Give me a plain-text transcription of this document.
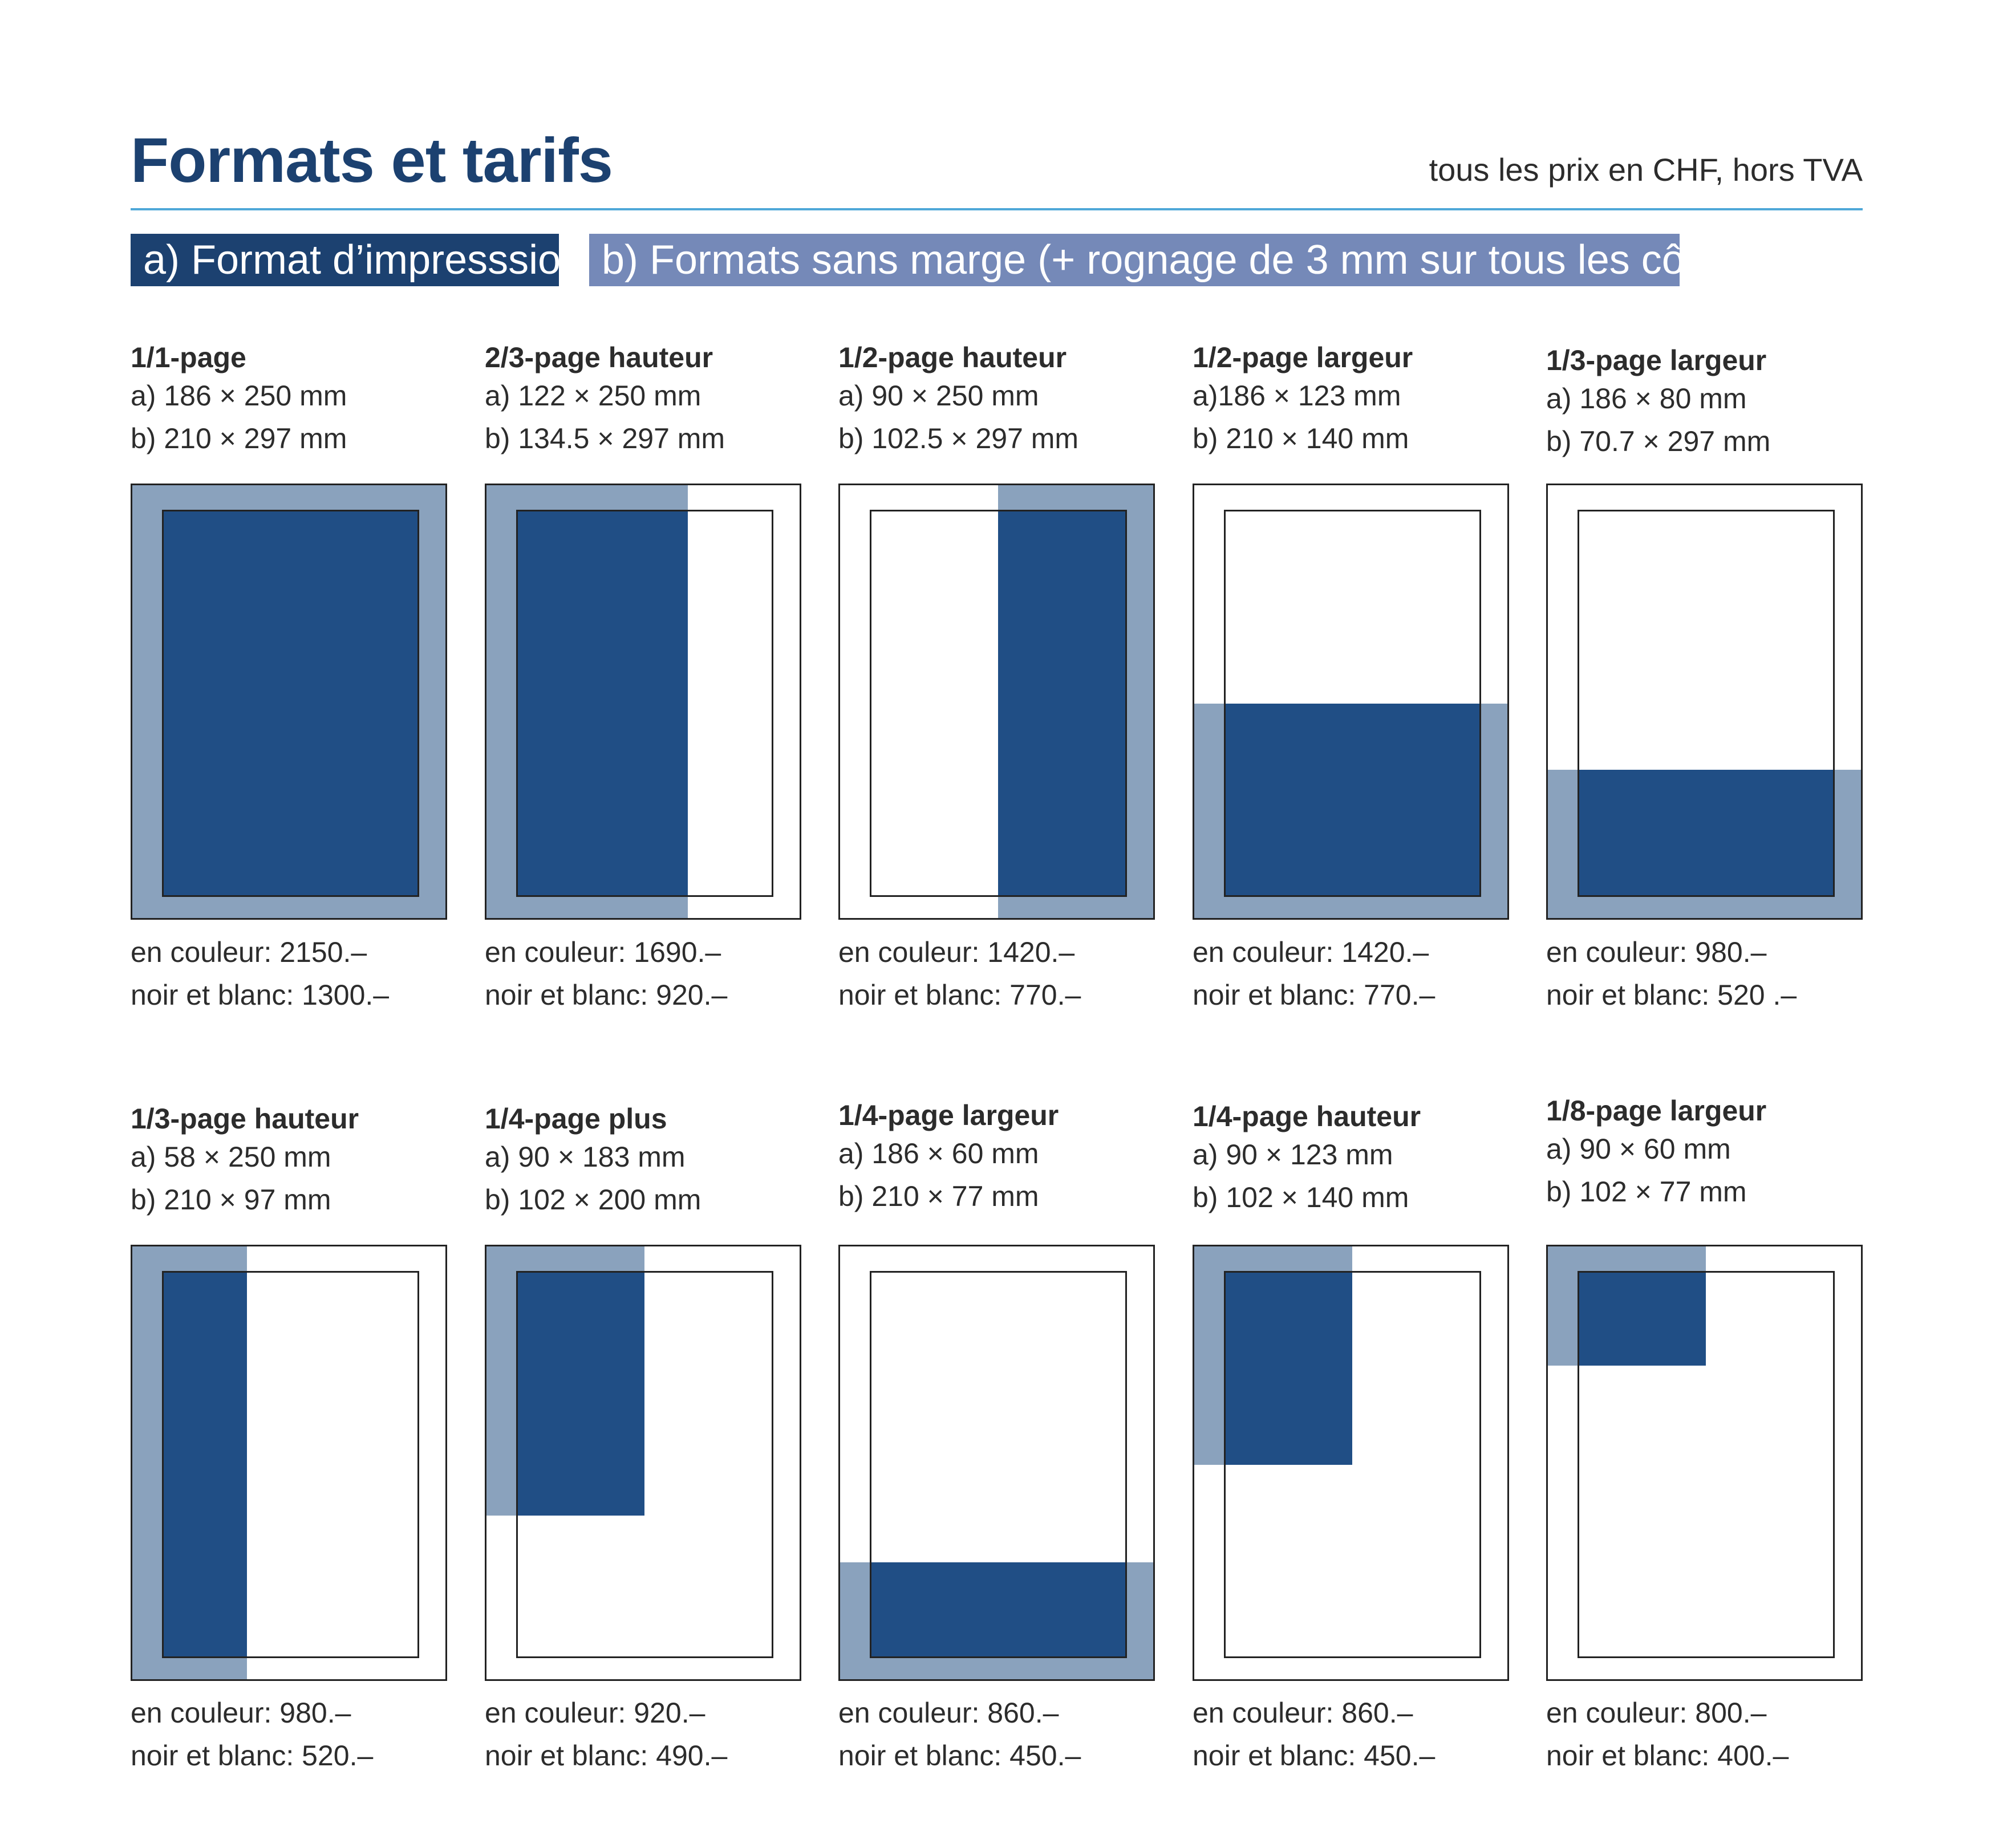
Formats et tarifs	tous les prix en CHF, hors TVA
a) Format d’impresssion b) Formats sans marge (+ rognage de 3 mm sur tous les côtés)
1/1-page
a) 186 × 250 mm
b) 210 × 297 mm
en couleur: 2150.–
noir et blanc: 1300.–
2/3-page hauteur
a) 122 × 250 mm
b) 134.5 × 297 mm
en couleur: 1690.–
noir et blanc: 920.–
1/2-page hauteur
a) 90 × 250 mm
b) 102.5 × 297 mm
en couleur: 1420.–
noir et blanc: 770.–
1/2-page largeur
a)186 × 123 mm
b) 210 × 140 mm
en couleur: 1420.–
noir et blanc: 770.–
1/3-page largeur
a) 186 × 80 mm
b) 70.7 × 297 mm
en couleur: 980.–
noir et blanc: 520 .–
1/3-page hauteur
a) 58 × 250 mm
b) 210 × 97 mm
en couleur: 980.–
noir et blanc: 520.–
1/4-page plus
a) 90 × 183 mm
b) 102 × 200 mm
en couleur: 920.–
noir et blanc: 490.–
1/4-page largeur
a) 186 × 60 mm
b) 210 × 77 mm
en couleur: 860.–
noir et blanc: 450.–
1/4-page hauteur
a) 90 × 123 mm
b) 102 × 140 mm
en couleur: 860.–
noir et blanc: 450.–
1/8-page largeur
a) 90 × 60 mm
b) 102 × 77 mm
en couleur: 800.–
noir et blanc: 400.–
